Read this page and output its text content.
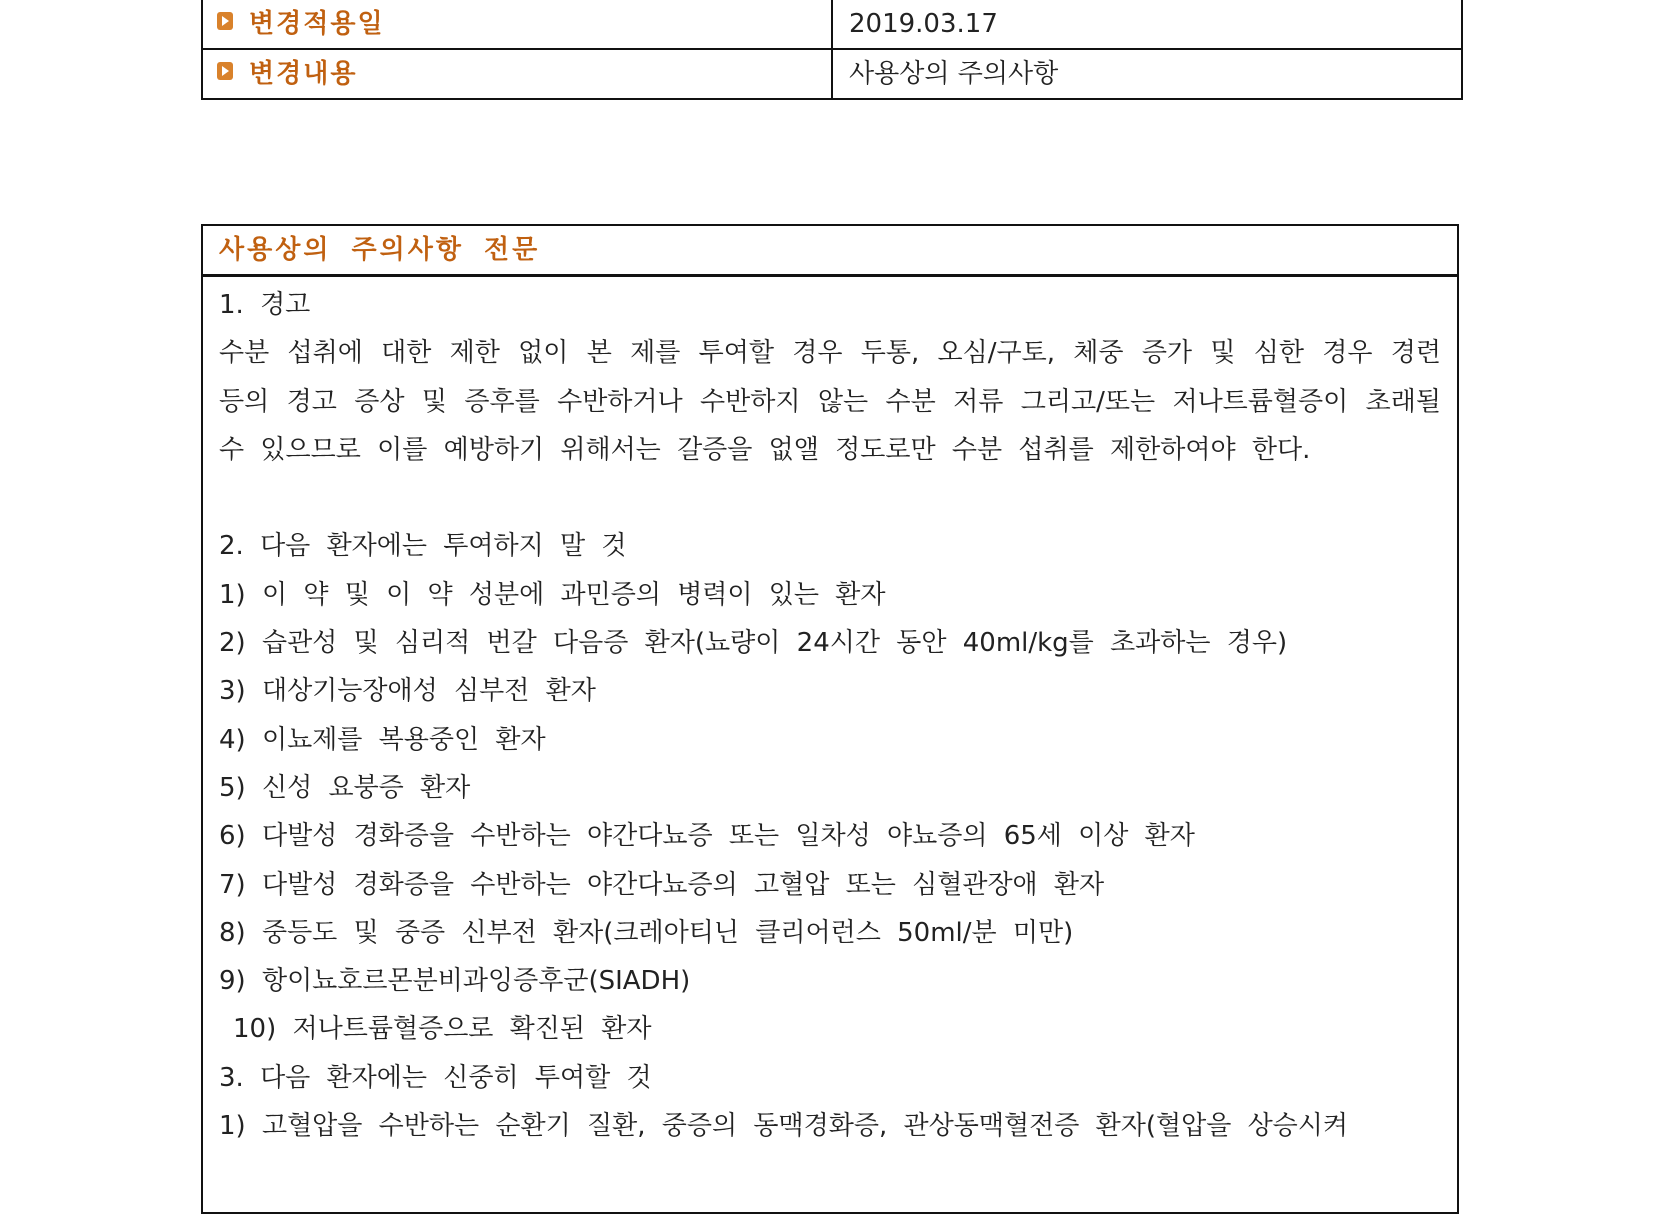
변경적용일	2019.03.17
변경내용	사용상의 주의사항
사용상의 주의사항 전문
1. 경고
수분 섭취에 대한 제한 없이 본 제를 투여할 경우 두통, 오심/구토, 체중 증가 및 심한 경우 경련 등의 경고 증상 및 증후를 수반하거나 수반하지 않는 수분 저류 그리고/또는 저나트륨혈증이 초래될 수 있으므로 이를 예방하기 위해서는 갈증을 없앨 정도로만 수분 섭취를 제한하여야 한다.
2. 다음 환자에는 투여하지 말 것
1) 이 약 및 이 약 성분에 과민증의 병력이 있는 환자
2) 습관성 및 심리적 번갈 다음증 환자(뇨량이 24시간 동안 40ml/kg를 초과하는 경우)
3) 대상기능장애성 심부전 환자
4) 이뇨제를 복용중인 환자
5) 신성 요붕증 환자
6) 다발성 경화증을 수반하는 야간다뇨증 또는 일차성 야뇨증의 65세 이상 환자
7) 다발성 경화증을 수반하는 야간다뇨증의 고혈압 또는 심혈관장애 환자
8) 중등도 및 중증 신부전 환자(크레아티닌 클리어런스 50ml/분 미만)
9) 항이뇨호르몬분비과잉증후군(SIADH)
10) 저나트륨혈증으로 확진된 환자
3. 다음 환자에는 신중히 투여할 것
1) 고혈압을 수반하는 순환기 질환, 중증의 동맥경화증, 관상동맥혈전증 환자(혈압을 상승시켜
